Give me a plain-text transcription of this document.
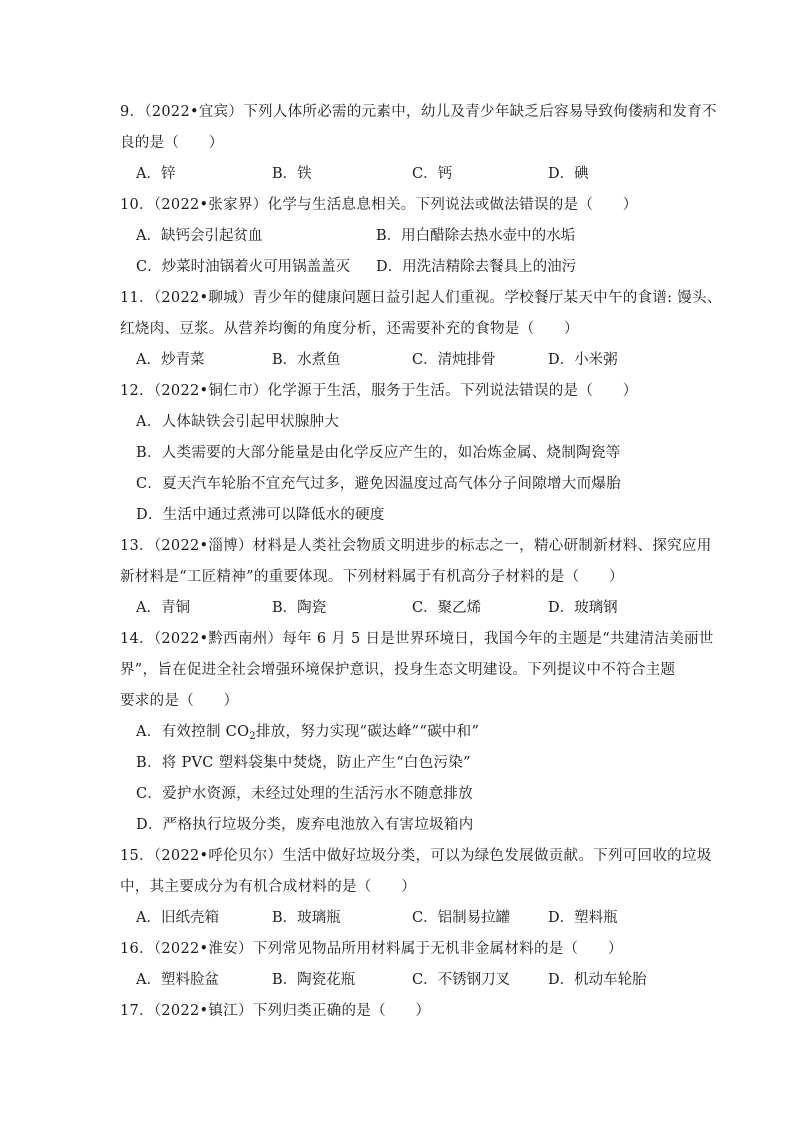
9．（2022•宜宾）下列人体所必需的元素中，幼儿及青少年缺乏后容易导致佝偻病和发育不
良的是（　　）
A．锌	B．铁	C．钙	D．碘
10．（2022•张家界）化学与生活息息相关。下列说法或做法错误的是（　　）
A．缺钙会引起贫血	B．用白醋除去热水壶中的水垢
C．炒菜时油锅着火可用锅盖盖灭 D．用洗洁精除去餐具上的油污
11．（2022•聊城）青少年的健康问题日益引起人们重视。学校餐厅某天中午的食谱: 馒头、
红烧肉、豆浆。从营养均衡的角度分析，还需要补充的食物是（　　）
A．炒青菜	B．水煮鱼	C．清炖排骨	D．小米粥
12．（2022•铜仁市）化学源于生活，服务于生活。下列说法错误的是（　　）
A．人体缺铁会引起甲状腺肿大
B．人类需要的大部分能量是由化学反应产生的，如冶炼金属、烧制陶瓷等
C．夏天汽车轮胎不宜充气过多，避免因温度过高气体分子间隙增大而爆胎
D．生活中通过煮沸可以降低水的硬度
13．（2022•淄博）材料是人类社会物质文明进步的标志之一，精心研制新材料、探究应用
新材料是“工匠精神”的重要体现。下列材料属于有机高分子材料的是（　　）
A．青铜	B．陶瓷	C．聚乙烯	D．玻璃钢
14．（2022•黔西南州）每年 6 月 5 日是世界环境日，我国今年的主题是“共建清洁美丽世
界”，旨在促进全社会增强环境保护意识，投身生态文明建设。下列提议中不符合主题
要求的是（　　）
A．有效控制 $CO_2$排放，努力实现“碳达峰”“碳中和”
B．将 PVC 塑料袋集中焚烧，防止产生“白色污染”
C．爱护水资源，未经过处理的生活污水不随意排放
D．严格执行垃圾分类，废弃电池放入有害垃圾箱内
15．（2022•呼伦贝尔）生活中做好垃圾分类，可以为绿色发展做贡献。下列可回收的垃圾
中，其主要成分为有机合成材料的是（　　）
A．旧纸壳箱	B．玻璃瓶	C．铝制易拉罐	D．塑料瓶
16．（2022•淮安）下列常见物品所用材料属于无机非金属材料的是（　　）
A．塑料脸盆	B．陶瓷花瓶	C．不锈钢刀叉	D．机动车轮胎
17．（2022•镇江）下列归类正确的是（　　）
